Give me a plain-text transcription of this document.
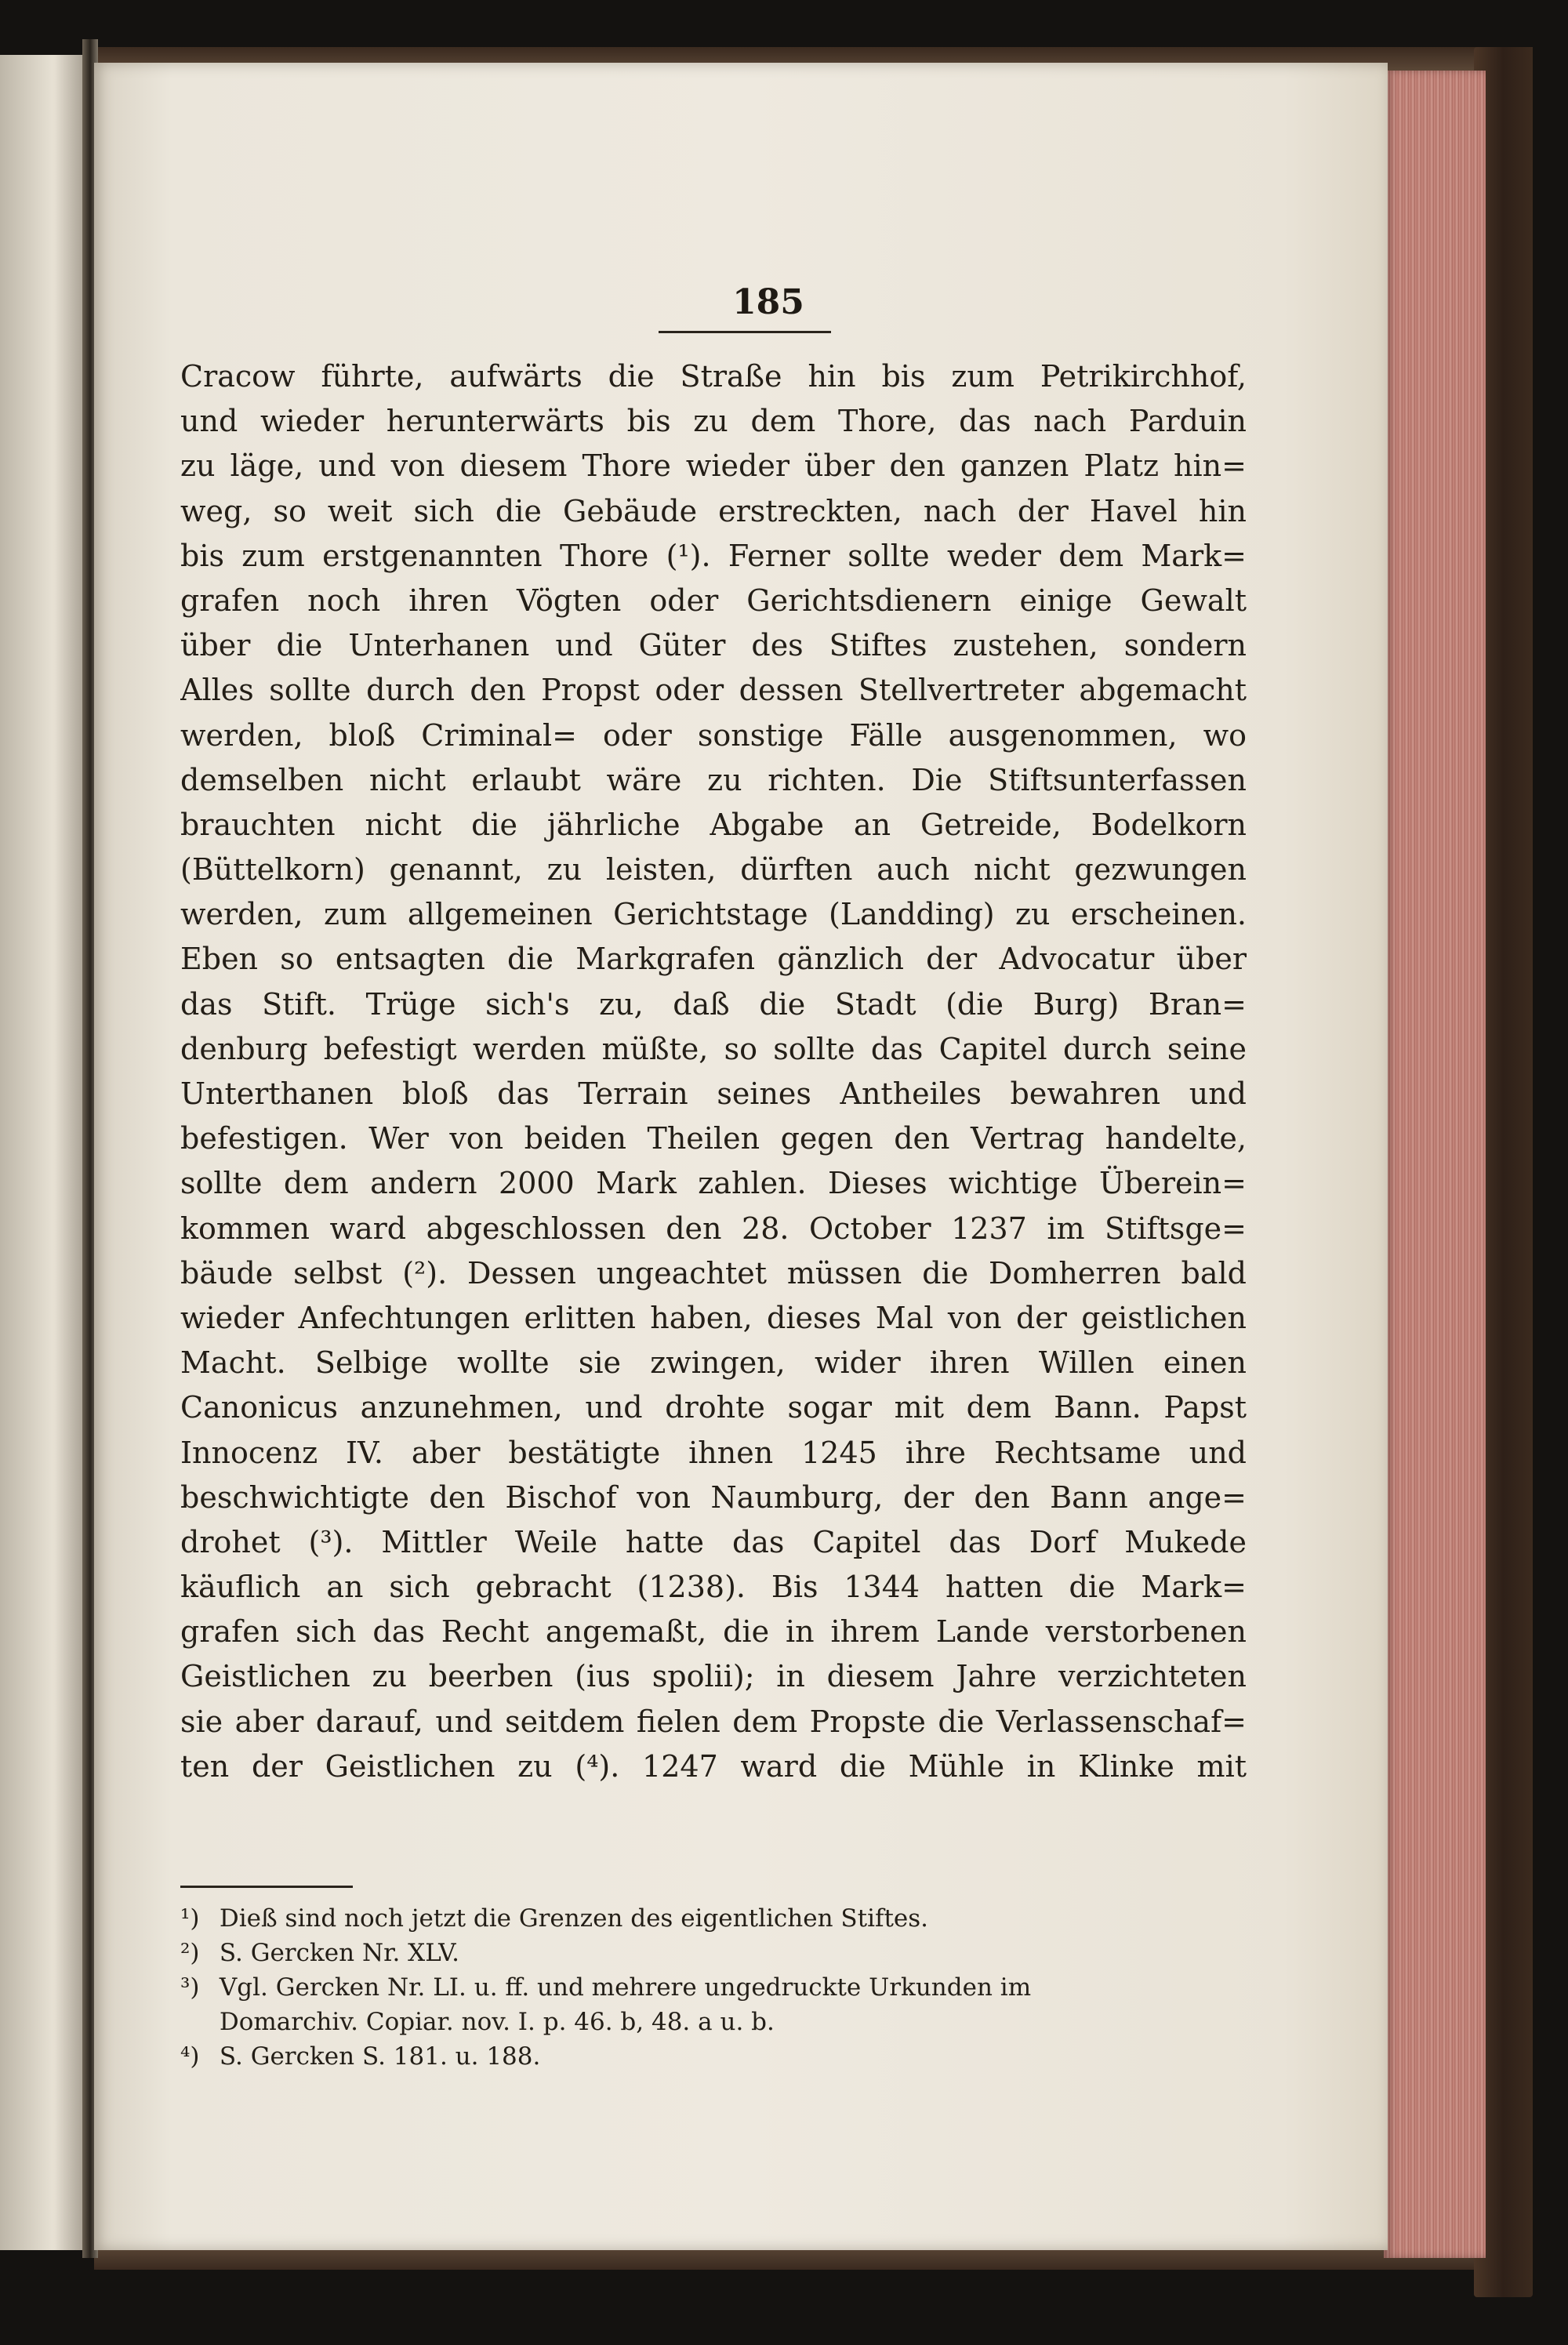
185
Cracow führte, aufwärts die Straße hin bis zum Petrikirchhof,
und wieder herunterwärts bis zu dem Thore, das nach Parduin
zu läge, und von diesem Thore wieder über den ganzen Platz hin=
weg, so weit sich die Gebäude erstreckten, nach der Havel hin
bis zum erstgenannten Thore (¹). Ferner sollte weder dem Mark=
grafen noch ihren Vögten oder Gerichtsdienern einige Gewalt
über die Unterhanen und Güter des Stiftes zustehen, sondern
Alles sollte durch den Propst oder dessen Stellvertreter abgemacht
werden, bloß Criminal= oder sonstige Fälle ausgenommen, wo
demselben nicht erlaubt wäre zu richten. Die Stiftsunterfassen
brauchten nicht die jährliche Abgabe an Getreide, Bodelkorn
(Büttelkorn) genannt, zu leisten, dürften auch nicht gezwungen
werden, zum allgemeinen Gerichtstage (Landding) zu erscheinen.
Eben so entsagten die Markgrafen gänzlich der Advocatur über
das Stift. Trüge sich's zu, daß die Stadt (die Burg) Bran=
denburg befestigt werden müßte, so sollte das Capitel durch seine
Unterthanen bloß das Terrain seines Antheiles bewahren und
befestigen. Wer von beiden Theilen gegen den Vertrag handelte,
sollte dem andern 2000 Mark zahlen. Dieses wichtige Überein=
kommen ward abgeschlossen den 28. October 1237 im Stiftsge=
bäude selbst (²). Dessen ungeachtet müssen die Domherren bald
wieder Anfechtungen erlitten haben, dieses Mal von der geistlichen
Macht. Selbige wollte sie zwingen, wider ihren Willen einen
Canonicus anzunehmen, und drohte sogar mit dem Bann. Papst
Innocenz IV. aber bestätigte ihnen 1245 ihre Rechtsame und
beschwichtigte den Bischof von Naumburg, der den Bann ange=
drohet (³). Mittler Weile hatte das Capitel das Dorf Mukede
käuflich an sich gebracht (1238). Bis 1344 hatten die Mark=
grafen sich das Recht angemaßt, die in ihrem Lande verstorbenen
Geistlichen zu beerben (ius spolii); in diesem Jahre verzichteten
sie aber darauf, und seitdem fielen dem Propste die Verlassenschaf=
ten der Geistlichen zu (⁴). 1247 ward die Mühle in Klinke mit
¹) Dieß sind noch jetzt die Grenzen des eigentlichen Stiftes.
²) S. Gercken Nr. XLV.
³) Vgl. Gercken Nr. LI. u. ff. und mehrere ungedruckte Urkunden im
Domarchiv. Copiar. nov. I. p. 46. b, 48. a u. b.
⁴) S. Gercken S. 181. u. 188.
